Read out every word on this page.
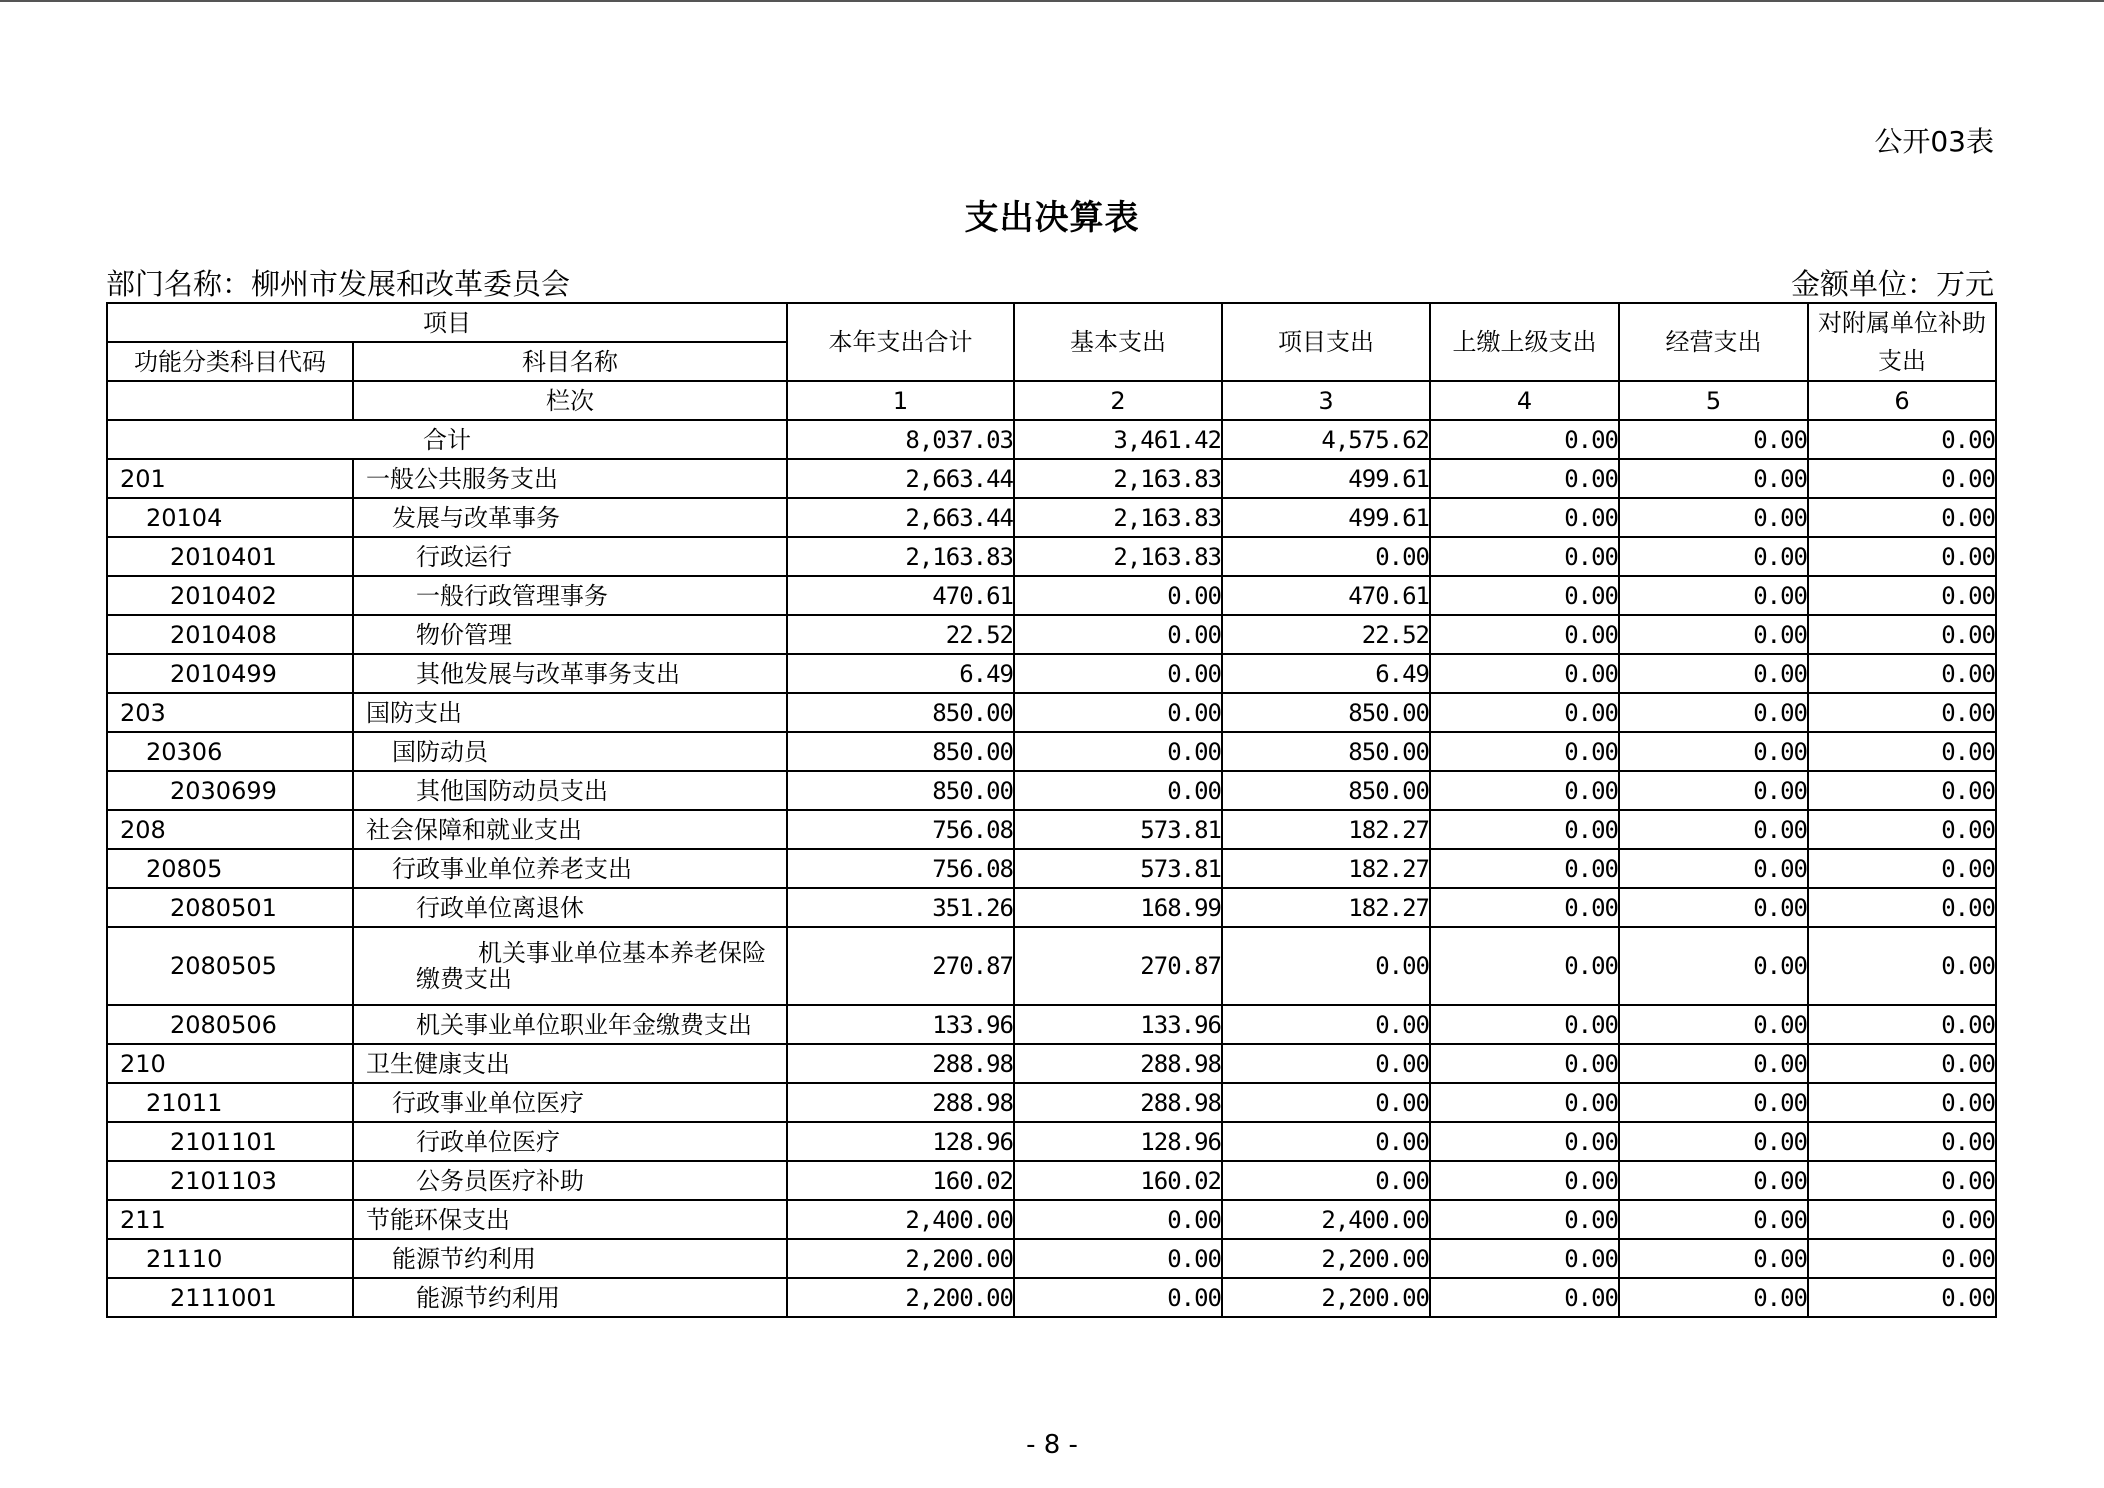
公开03表
支出决算表
部门名称：柳州市发展和改革委员会	金额单位：万元
项目		本年支出合计	基本支出	项目支出	上缴上级支出	经营支出	对附属单位补助支出
功能分类科目代码	科目名称						
	栏次	1	2	3	4	5	6
合计		8,037.03	3,461.42	4,575.62	0.00	0.00	0.00
201	一般公共服务支出	2,663.44	2,163.83	499.61	0.00	0.00	0.00
20104	发展与改革事务	2,663.44	2,163.83	499.61	0.00	0.00	0.00
2010401	行政运行	2,163.83	2,163.83	0.00	0.00	0.00	0.00
2010402	一般行政管理事务	470.61	0.00	470.61	0.00	0.00	0.00
2010408	物价管理	22.52	0.00	22.52	0.00	0.00	0.00
2010499	其他发展与改革事务支出	6.49	0.00	6.49	0.00	0.00	0.00
203	国防支出	850.00	0.00	850.00	0.00	0.00	0.00
20306	国防动员	850.00	0.00	850.00	0.00	0.00	0.00
2030699	其他国防动员支出	850.00	0.00	850.00	0.00	0.00	0.00
208	社会保障和就业支出	756.08	573.81	182.27	0.00	0.00	0.00
20805	行政事业单位养老支出	756.08	573.81	182.27	0.00	0.00	0.00
2080501	行政单位离退休	351.26	168.99	182.27	0.00	0.00	0.00
2080505	机关事业单位基本养老保险缴费支出	270.87	270.87	0.00	0.00	0.00	0.00
2080506	机关事业单位职业年金缴费支出	133.96	133.96	0.00	0.00	0.00	0.00
210	卫生健康支出	288.98	288.98	0.00	0.00	0.00	0.00
21011	行政事业单位医疗	288.98	288.98	0.00	0.00	0.00	0.00
2101101	行政单位医疗	128.96	128.96	0.00	0.00	0.00	0.00
2101103	公务员医疗补助	160.02	160.02	0.00	0.00	0.00	0.00
211	节能环保支出	2,400.00	0.00	2,400.00	0.00	0.00	0.00
21110	能源节约利用	2,200.00	0.00	2,200.00	0.00	0.00	0.00
2111001	能源节约利用	2,200.00	0.00	2,200.00	0.00	0.00	0.00
- 8 -
